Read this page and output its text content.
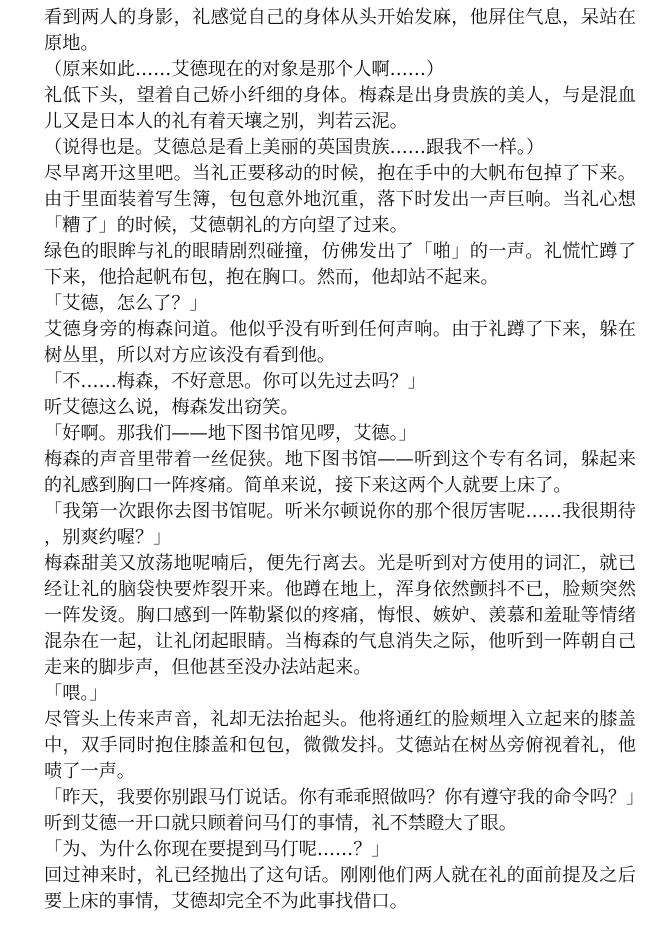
看到两人的身影，礼感觉自己的身体从头开始发麻，他屏住气息，呆站在原地。

（原来如此……艾德现在的对象是那个人啊……）

礼低下头，望着自己娇小纤细的身体。梅森是出身贵族的美人，与是混血儿又是日本人的礼有着天壤之别，判若云泥。

（说得也是。艾德总是看上美丽的英国贵族……跟我不一样。）

尽早离开这里吧。当礼正要移动的时候，抱在手中的大帆布包掉了下来。由于里面装着写生簿，包包意外地沉重，落下时发出一声巨响。当礼心想「糟了」的时候，艾德朝礼的方向望了过来。

绿色的眼眸与礼的眼睛剧烈碰撞，仿佛发出了「啪」的一声。礼慌忙蹲了下来，他拾起帆布包，抱在胸口。然而，他却站不起来。

「艾德，怎么了？」

艾德身旁的梅森问道。他似乎没有听到任何声响。由于礼蹲了下来，躲在树丛里，所以对方应该没有看到他。

「不……梅森，不好意思。你可以先过去吗？」

听艾德这么说，梅森发出窃笑。

「好啊。那我们——地下图书馆见啰，艾德。」

梅森的声音里带着一丝促狭。地下图书馆——听到这个专有名词，躲起来的礼感到胸口一阵疼痛。简单来说，接下来这两个人就要上床了。

「我第一次跟你去图书馆呢。听米尔顿说你的那个很厉害呢……我很期待，别爽约喔？」

梅森甜美又放荡地呢喃后，便先行离去。光是听到对方使用的词汇，就已经让礼的脑袋快要炸裂开来。他蹲在地上，浑身依然颤抖不已，脸颊突然一阵发烫。胸口感到一阵勒紧似的疼痛，悔恨、嫉妒、羡慕和羞耻等情绪混杂在一起，让礼闭起眼睛。当梅森的气息消失之际，他听到一阵朝自己走来的脚步声，但他甚至没办法站起来。

「喂。」

尽管头上传来声音，礼却无法抬起头。他将通红的脸颊埋入立起来的膝盖中，双手同时抱住膝盖和包包，微微发抖。艾德站在树丛旁俯视着礼，他啧了一声。

「昨天，我要你别跟马仃说话。你有乖乖照做吗？你有遵守我的命令吗？」

听到艾德一开口就只顾着问马仃的事情，礼不禁瞪大了眼。

「为、为什么你现在要提到马仃呢……？」

回过神来时，礼已经抛出了这句话。刚刚他们两人就在礼的面前提及之后要上床的事情，艾德却完全不为此事找借口。
